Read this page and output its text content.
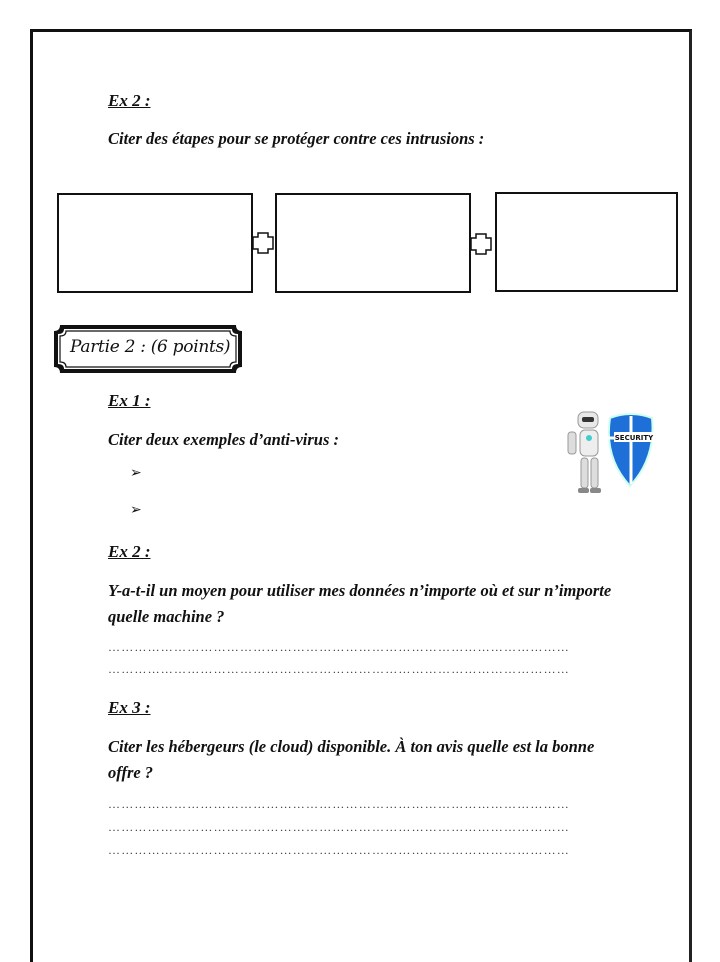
Ex 2 :
Citer des étapes pour se protéger contre ces intrusions :
Partie 2 : (6 points)
Ex 1 :
Citer deux exemples d’anti-virus :
➢
➢
SECURITY
Ex 2 :
Y-a-t-il un moyen pour utiliser mes données n’importe où et sur n’importe quelle machine ?
……………………………………………………………………………………………
……………………………………………………………………………………………
Ex 3 :
Citer les hébergeurs (le cloud) disponible. À ton avis quelle est la bonne offre ?
……………………………………………………………………………………………
……………………………………………………………………………………………
……………………………………………………………………………………………
